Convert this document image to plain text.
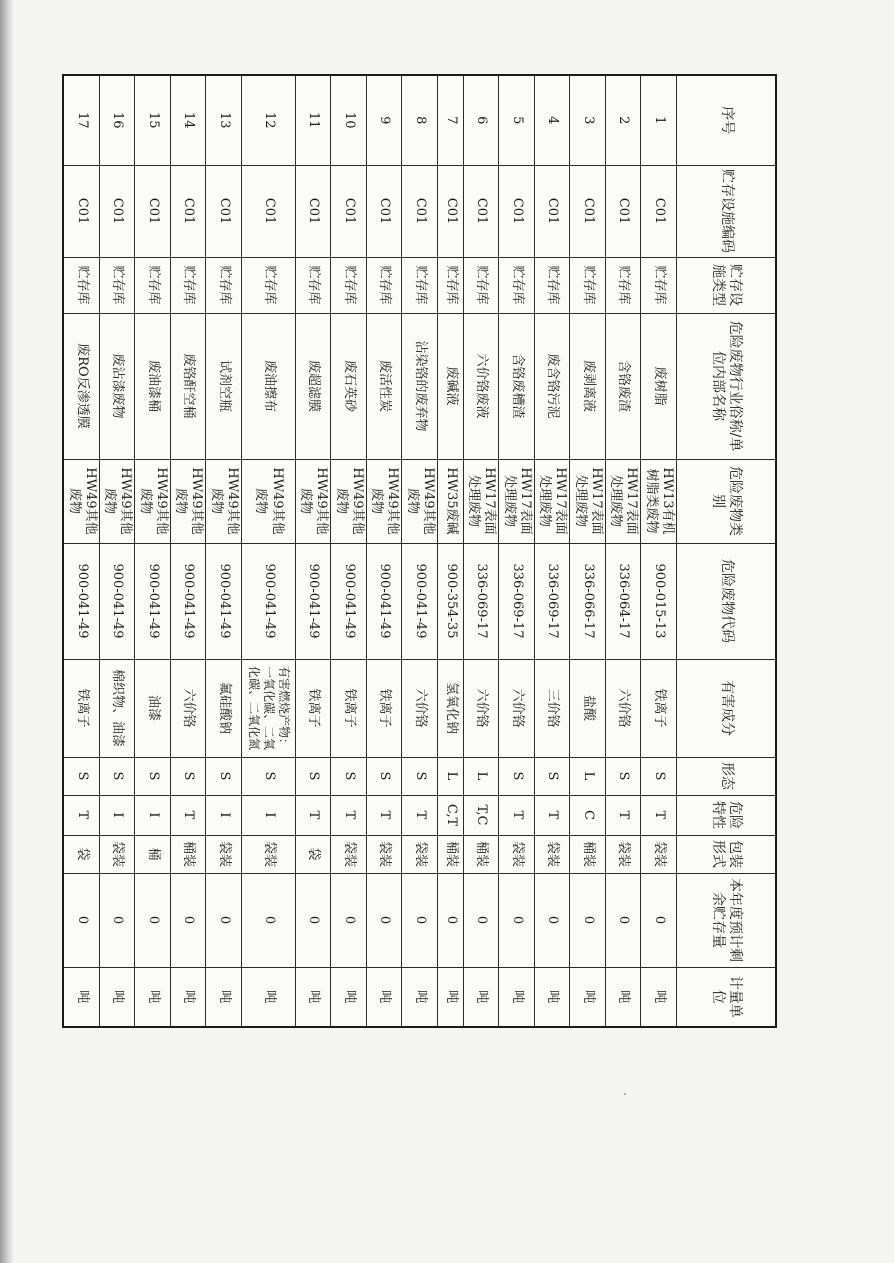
序号	贮存设施编码	贮存设施类型	危险废物行业俗称/单位内部名称	危险废物类别	危险废物代码	有害成分	形态	危险特性	包装形式	本年度预计剩余贮存量	计量单位
1	C01	贮存库	废树脂	HW13有机树脂类废物	900-015-13	铁离子	S	T	袋装	0	吨
2	C01	贮存库	含铬废渣	HW17表面处理废物	336-064-17	六价铬	S	T	袋装	0	吨
3	C01	贮存库	废剥离液	HW17表面处理废物	336-066-17	盐酸	L	C	桶装	0	吨
4	C01	贮存库	废含铬污泥	HW17表面处理废物	336-069-17	三价铬	S	T	袋装	0	吨
5	C01	贮存库	含铬废槽渣	HW17表面处理废物	336-069-17	六价铬	S	T	袋装	0	吨
6	C01	贮存库	六价铬废液	HW17表面处理废物	336-069-17	六价铬	L	T,C	桶装	0	吨
7	C01	贮存库	废碱液	HW35废碱	900-354-35	氢氧化钠	L	C,T	桶装	0	吨
8	C01	贮存库	沾染铬的废弃物	HW49其他废物	900-041-49	六价铬	S	T	袋装	0	吨
9	C01	贮存库	废活性炭	HW49其他废物	900-041-49	铁离子	S	T	袋装	0	吨
10	C01	贮存库	废石英砂	HW49其他废物	900-041-49	铁离子	S	T	袋装	0	吨
11	C01	贮存库	废超滤膜	HW49其他废物	900-041-49	铁离子	S	T	袋	0	吨
12	C01	贮存库	废油擦布	HW49其他废物	900-041-49	有害燃烧产物：一氧化碳、二氧化碳、二氧化氮	S	I	袋装	0	吨
13	C01	贮存库	试剂空瓶	HW49其他废物	900-041-49	氟硅酸钠	S	I	袋装	0	吨
14	C01	贮存库	废铬酐空桶	HW49其他废物	900-041-49	六价铬	S	T	桶装	0	吨
15	C01	贮存库	废油漆桶	HW49其他废物	900-041-49	油漆	S	I	桶	0	吨
16	C01	贮存库	废沾漆废物	HW49其他废物	900-041-49	棉织物、油漆	S	I	袋装	0	吨
17	C01	贮存库	废RO反渗透膜	HW49其他废物	900-041-49	铁离子	S	T	袋	0	吨
